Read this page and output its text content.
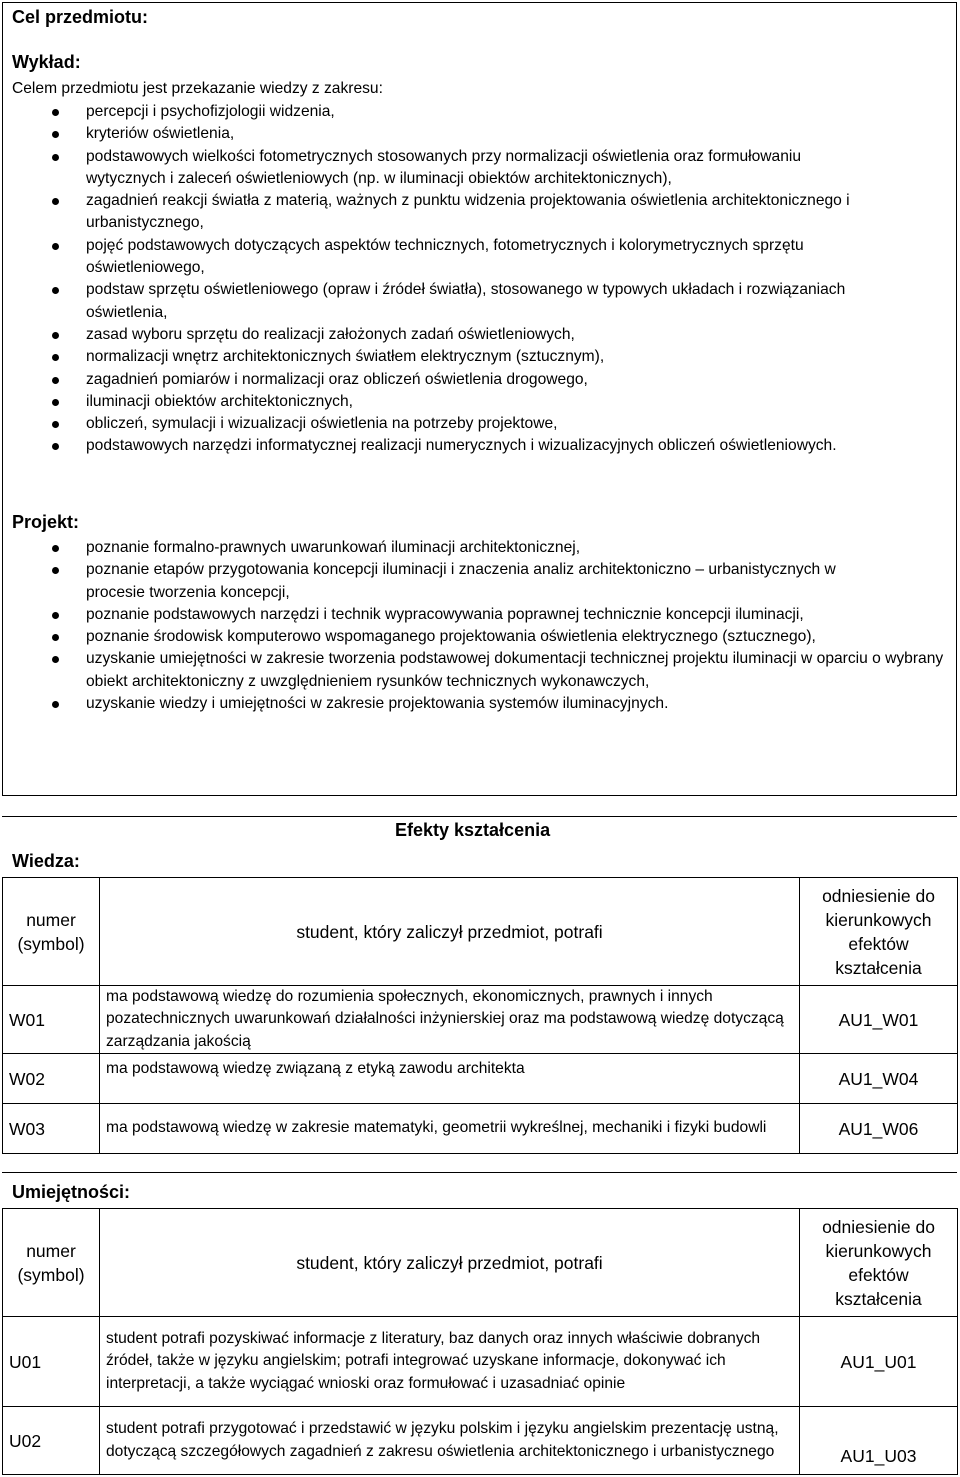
Cel przedmiotu:
Wykład:
Celem przedmiotu jest przekazanie wiedzy z zakresu:
percepcji i psychofizjologii widzenia,
kryteriów oświetlenia,
podstawowych wielkości fotometrycznych stosowanych przy normalizacji oświetlenia oraz formułowaniu wytycznych i zaleceń oświetleniowych (np. w iluminacji obiektów architektonicznych),
zagadnień reakcji światła z materią, ważnych z punktu widzenia projektowania oświetlenia architektonicznego i urbanistycznego,
pojęć podstawowych dotyczących aspektów technicznych, fotometrycznych i kolorymetrycznych sprzętu oświetleniowego,
podstaw sprzętu oświetleniowego (opraw i źródeł światła), stosowanego w typowych układach i rozwiązaniach oświetlenia,
zasad wyboru sprzętu do realizacji założonych zadań oświetleniowych,
normalizacji wnętrz architektonicznych światłem elektrycznym (sztucznym),
zagadnień pomiarów i normalizacji oraz obliczeń oświetlenia drogowego,
iluminacji obiektów architektonicznych,
obliczeń, symulacji i wizualizacji oświetlenia na potrzeby projektowe,
podstawowych narzędzi informatycznej realizacji numerycznych i wizualizacyjnych obliczeń oświetleniowych.
Projekt:
poznanie formalno-prawnych uwarunkowań iluminacji architektonicznej,
poznanie etapów przygotowania koncepcji iluminacji i znaczenia analiz architektoniczno – urbanistycznych w procesie tworzenia koncepcji,
poznanie podstawowych narzędzi i technik wypracowywania poprawnej technicznie koncepcji iluminacji,
poznanie środowisk komputerowo wspomaganego projektowania oświetlenia elektrycznego (sztucznego),
uzyskanie umiejętności w zakresie tworzenia podstawowej dokumentacji technicznej projektu iluminacji w oparciu o wybrany obiekt architektoniczny z uwzględnieniem rysunków technicznych wykonawczych,
uzyskanie wiedzy i umiejętności w zakresie projektowania systemów iluminacyjnych.
Efekty kształcenia
Wiedza:
numer (symbol)	student, który zaliczył przedmiot, potrafi	odniesienie do kierunkowych efektów kształcenia
W01	ma podstawową wiedzę do rozumienia społecznych, ekonomicznych, prawnych i innych pozatechnicznych uwarunkowań działalności inżynierskiej oraz ma podstawową wiedzę dotyczącą zarządzania jakością	AU1_W01
W02	ma podstawową wiedzę związaną z etyką zawodu architekta	AU1_W04
W03	ma podstawową wiedzę w zakresie matematyki, geometrii wykreślnej, mechaniki i fizyki budowli	AU1_W06
Umiejętności:
numer (symbol)	student, który zaliczył przedmiot, potrafi	odniesienie do kierunkowych efektów kształcenia
U01	student potrafi pozyskiwać informacje z literatury, baz danych oraz innych właściwie dobranych źródeł, także w języku angielskim; potrafi integrować uzyskane informacje, dokonywać ich interpretacji, a także wyciągać wnioski oraz formułować i uzasadniać opinie	AU1_U01
U02	student potrafi przygotować i przedstawić w języku polskim i języku angielskim prezentację ustną, dotyczącą szczegółowych zagadnień z zakresu oświetlenia architektonicznego i urbanistycznego	AU1_U03
